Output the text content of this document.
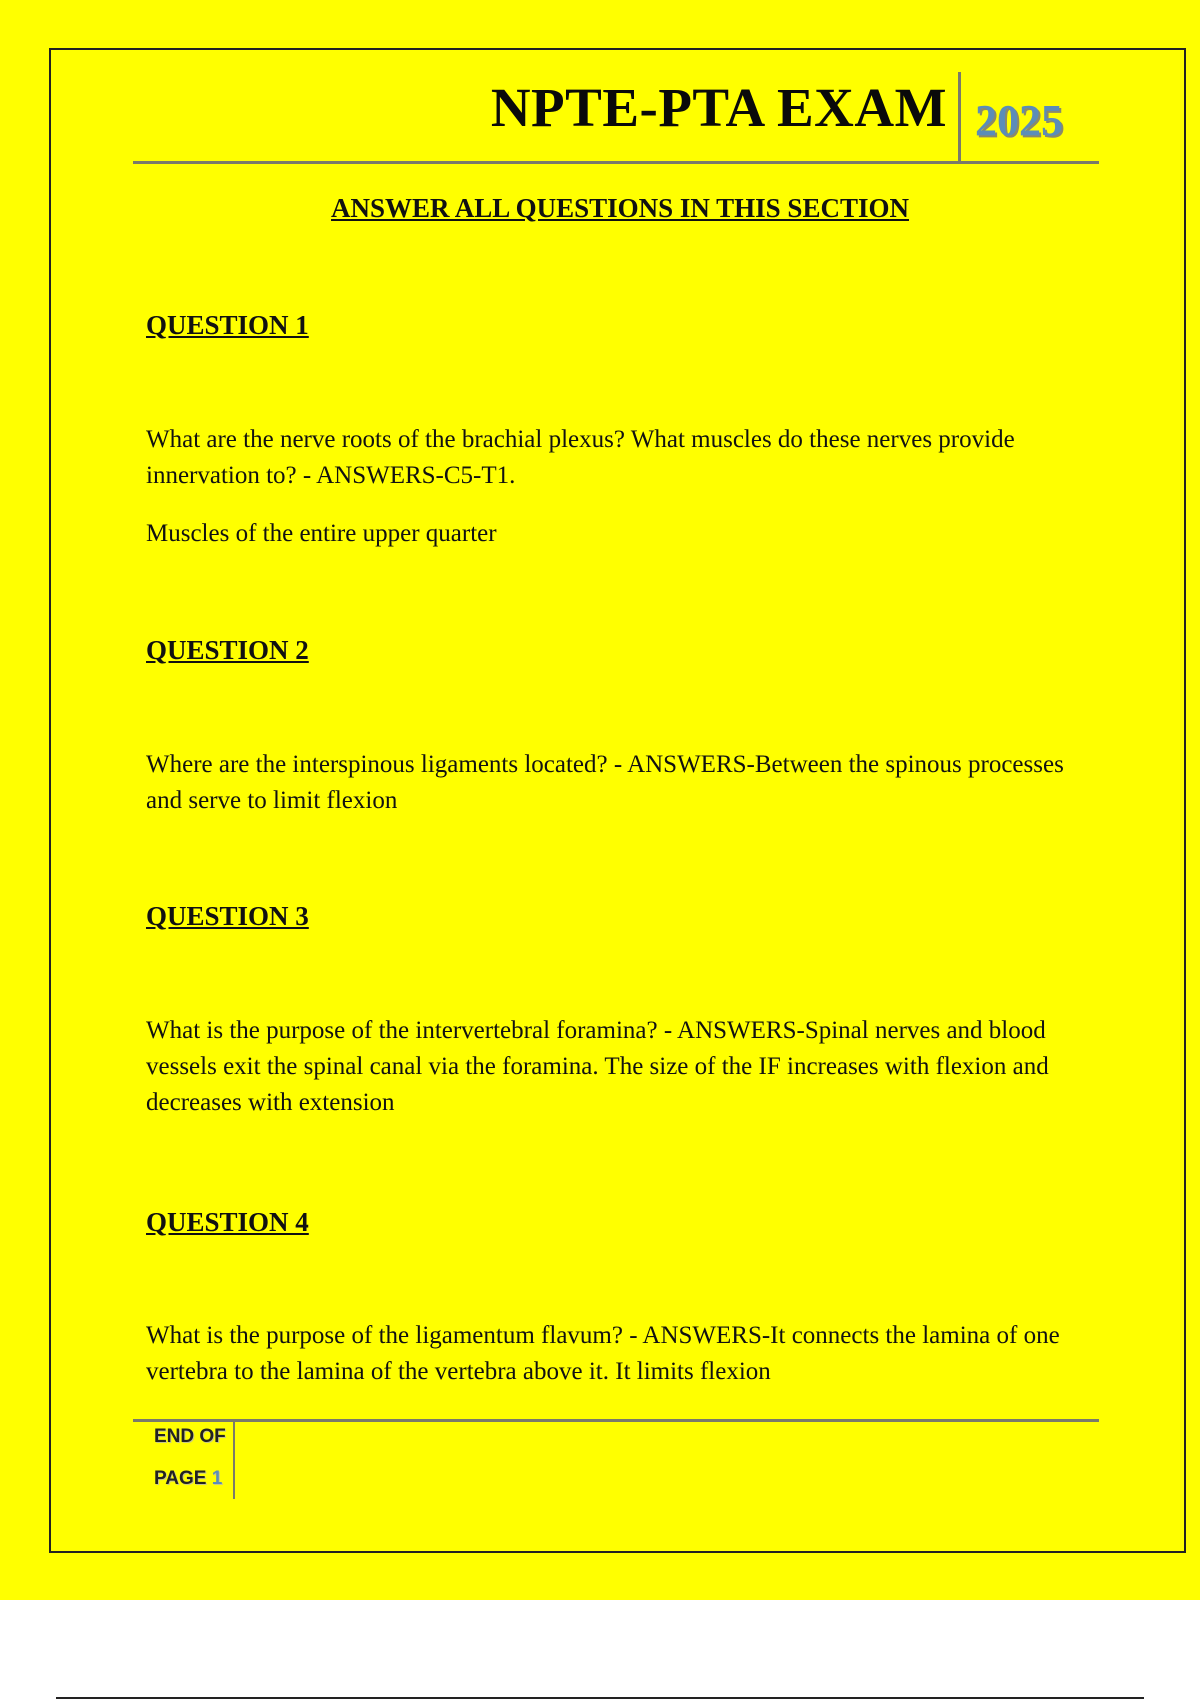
NPTE-PTA EXAM 2025
ANSWER ALL QUESTIONS IN THIS SECTION
QUESTION 1
What are the nerve roots of the brachial plexus? What muscles do these nerves provide innervation to? - ANSWERS-C5-T1.
Muscles of the entire upper quarter
QUESTION 2
Where are the interspinous ligaments located? - ANSWERS-Between the spinous processes and serve to limit flexion
QUESTION 3
What is the purpose of the intervertebral foramina? - ANSWERS-Spinal nerves and blood vessels exit the spinal canal via the foramina. The size of the IF increases with flexion and decreases with extension
QUESTION 4
What is the purpose of the ligamentum flavum? - ANSWERS-It connects the lamina of one vertebra to the lamina of the vertebra above it. It limits flexion
END OF
PAGE 1
